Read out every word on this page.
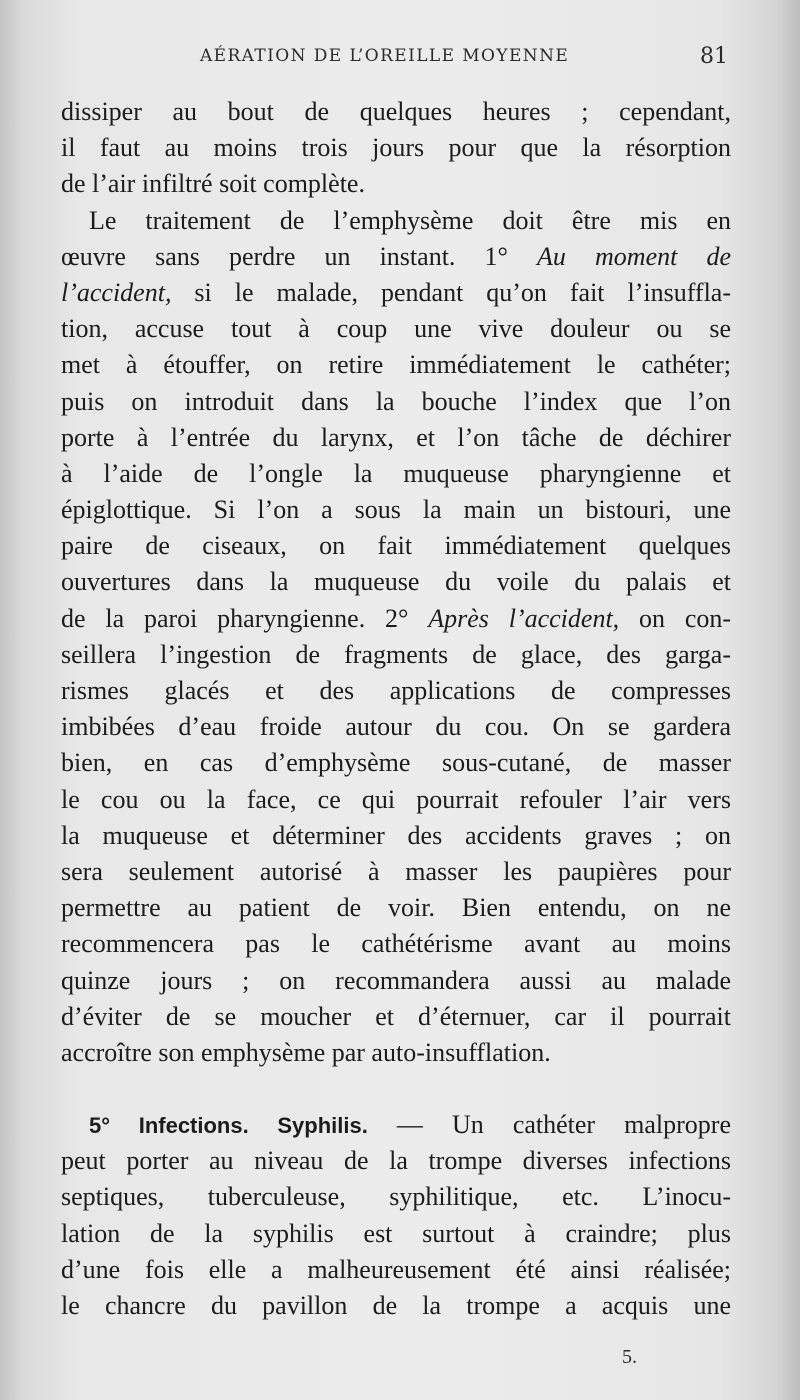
AÉRATION DE L’OREILLE MOYENNE	81
dissiper au bout de quelques heures ; cependant,
il faut au moins trois jours pour que la résorption
de l’air infiltré soit complète.
Le traitement de l’emphysème doit être mis en
œuvre sans perdre un instant. 1° Au moment de
l’accident, si le malade, pendant qu’on fait l’insuffla-
tion, accuse tout à coup une vive douleur ou se
met à étouffer, on retire immédiatement le cathéter;
puis on introduit dans la bouche l’index que l’on
porte à l’entrée du larynx, et l’on tâche de déchirer
à l’aide de l’ongle la muqueuse pharyngienne et
épiglottique. Si l’on a sous la main un bistouri, une
paire de ciseaux, on fait immédiatement quelques
ouvertures dans la muqueuse du voile du palais et
de la paroi pharyngienne. 2° Après l’accident, on con-
seillera l’ingestion de fragments de glace, des garga-
rismes glacés et des applications de compresses
imbibées d’eau froide autour du cou. On se gardera
bien, en cas d’emphysème sous-cutané, de masser
le cou ou la face, ce qui pourrait refouler l’air vers
la muqueuse et déterminer des accidents graves ; on
sera seulement autorisé à masser les paupières pour
permettre au patient de voir. Bien entendu, on ne
recommencera pas le cathétérisme avant au moins
quinze jours ; on recommandera aussi au malade
d’éviter de se moucher et d’éternuer, car il pourrait
accroître son emphysème par auto-insufflation.
5° Infections. Syphilis. — Un cathéter malpropre
peut porter au niveau de la trompe diverses infections
septiques, tuberculeuse, syphilitique, etc. L’inocu-
lation de la syphilis est surtout à craindre; plus
d’une fois elle a malheureusement été ainsi réalisée;
le chancre du pavillon de la trompe a acquis une
5.
